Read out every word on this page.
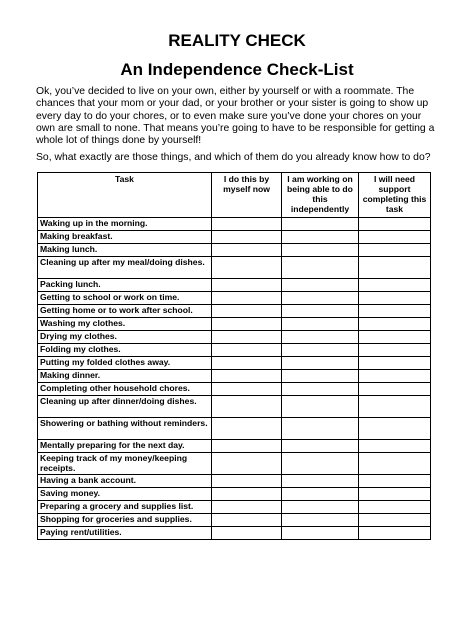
REALITY CHECK
An Independence Check-List
Ok, you’ve decided to live on your own, either by yourself or with a roommate. The chances that your mom or your dad, or your brother or your sister is going to show up every day to do your chores, or to even make sure you’ve done your chores on your own are small to none. That means you’re going to have to be responsible for getting a whole lot of things done by yourself!
So, what exactly are those things, and which of them do you already know how to do?
Task	I do this by myself now	I am working on being able to do this independently	I will need support completing this task
Waking up in the morning.			
Making breakfast.			
Making lunch.			
Cleaning up after my meal/doing dishes.			
Packing lunch.			
Getting to school or work on time.			
Getting home or to work after school.			
Washing my clothes.			
Drying my clothes.			
Folding my clothes.			
Putting my folded clothes away.			
Making dinner.			
Completing other household chores.			
Cleaning up after dinner/doing dishes.			
Showering or bathing without reminders.			
Mentally preparing for the next day.			
Keeping track of my money/keeping receipts.			
Having a bank account.			
Saving money.			
Preparing a grocery and supplies list.			
Shopping for groceries and supplies.			
Paying rent/utilities.			
